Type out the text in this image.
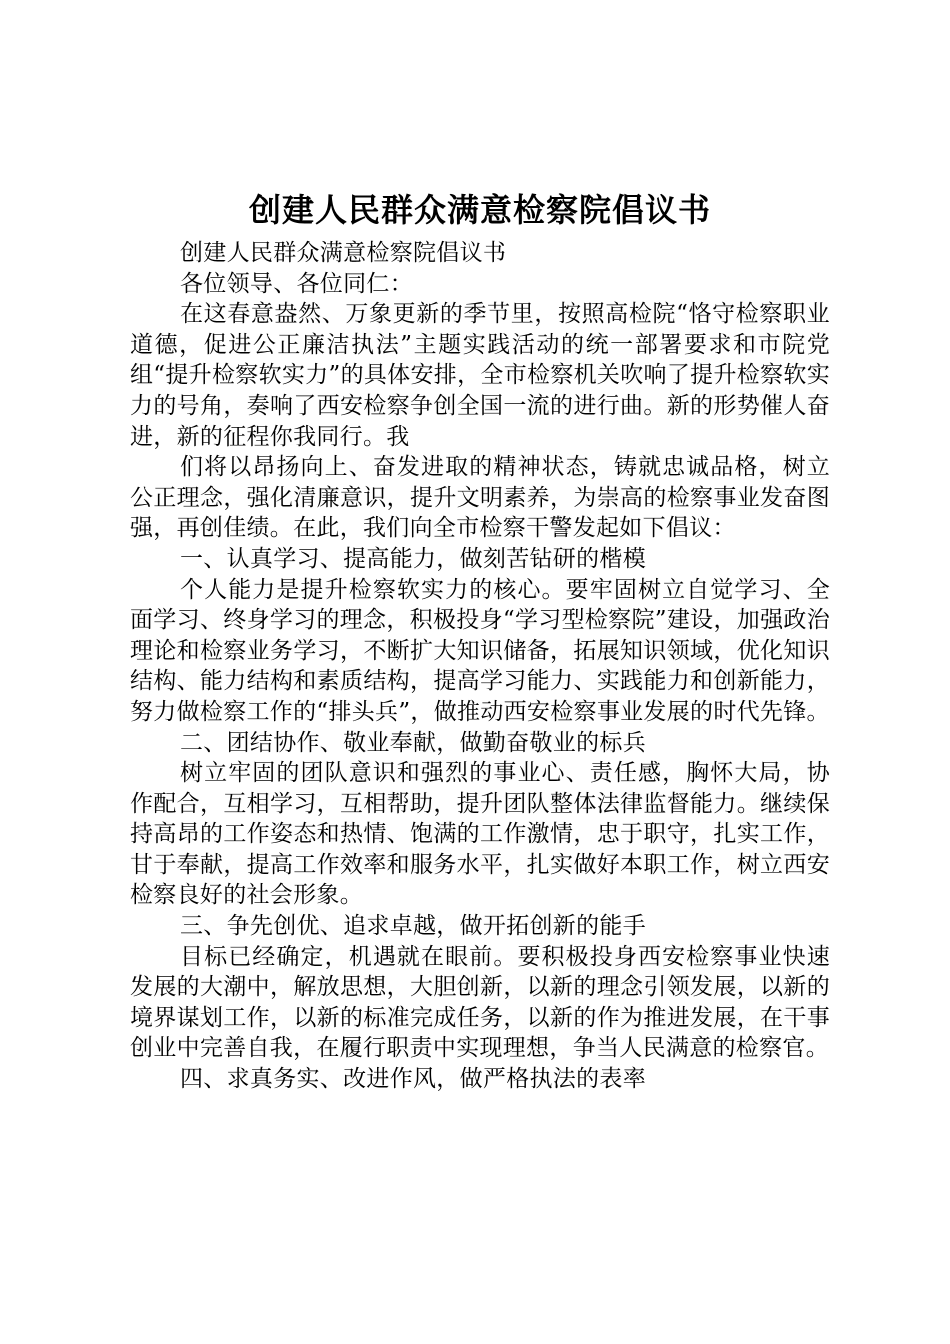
创建人民群众满意检察院倡议书

创建人民群众满意检察院倡议书

各位领导、各位同仁：

在这春意盎然、万象更新的季节里，按照高检院“恪守检察职业道德，促进公正廉洁执法”主题实践活动的统一部署要求和市院党组“提升检察软实力”的具体安排，全市检察机关吹响了提升检察软实力的号角，奏响了西安检察争创全国一流的进行曲。新的形势催人奋进，新的征程你我同行。我

们将以昂扬向上、奋发进取的精神状态，铸就忠诚品格，树立公正理念，强化清廉意识，提升文明素养，为崇高的检察事业发奋图强，再创佳绩。在此，我们向全市检察干警发起如下倡议：

一、认真学习、提高能力，做刻苦钻研的楷模

个人能力是提升检察软实力的核心。要牢固树立自觉学习、全面学习、终身学习的理念，积极投身“学习型检察院”建设，加强政治理论和检察业务学习，不断扩大知识储备，拓展知识领域，优化知识结构、能力结构和素质结构，提高学习能力、实践能力和创新能力，努力做检察工作的“排头兵”，做推动西安检察事业发展的时代先锋。

二、团结协作、敬业奉献，做勤奋敬业的标兵

树立牢固的团队意识和强烈的事业心、责任感，胸怀大局，协作配合，互相学习，互相帮助，提升团队整体法律监督能力。继续保持高昂的工作姿态和热情、饱满的工作激情，忠于职守，扎实工作，甘于奉献，提高工作效率和服务水平，扎实做好本职工作，树立西安检察良好的社会形象。

三、争先创优、追求卓越，做开拓创新的能手

目标已经确定，机遇就在眼前。要积极投身西安检察事业快速发展的大潮中，解放思想，大胆创新，以新的理念引领发展，以新的境界谋划工作，以新的标准完成任务，以新的作为推进发展，在干事创业中完善自我，在履行职责中实现理想，争当人民满意的检察官。

四、求真务实、改进作风，做严格执法的表率
